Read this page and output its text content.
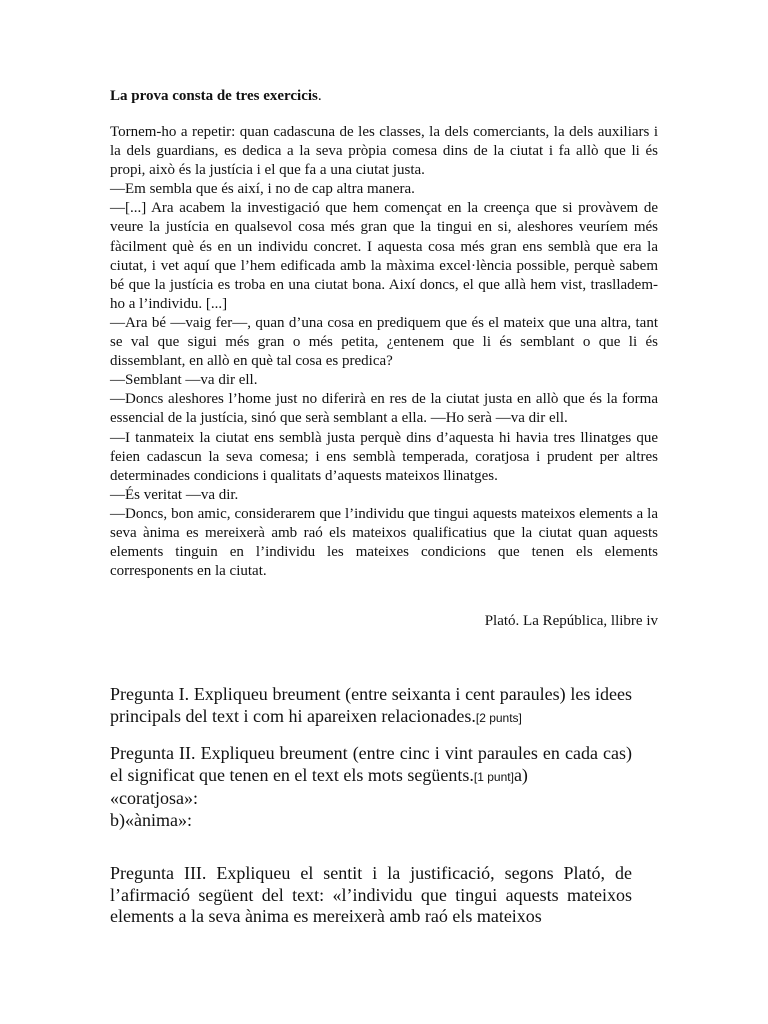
La prova consta de tres exercicis.

Tornem-ho a repetir: quan cadascuna de les classes, la dels comerciants, la dels auxiliars i la dels guardians, es dedica a la seva pròpia comesa dins de la ciutat i fa allò que li és propi, això és la justícia i el que fa a una ciutat justa.

—Em sembla que és així, i no de cap altra manera.

—[...] Ara acabem la investigació que hem començat en la creença que si provàvem de veure la justícia en qualsevol cosa més gran que la tingui en si, aleshores veuríem més fàcilment què és en un individu concret. I aquesta cosa més gran ens semblà que era la ciutat, i vet aquí que l’hem edificada amb la màxima excel·lència possible, perquè sabem bé que la justícia es troba en una ciutat bona. Així doncs, el que allà hem vist, traslladem-ho a l’individu. [...]

—Ara bé —vaig fer—, quan d’una cosa en prediquem que és el mateix que una altra, tant se val que sigui més gran o més petita, ¿entenem que li és semblant o que li és dissemblant, en allò en què tal cosa es predica?

—Semblant —va dir ell.

—Doncs aleshores l’home just no diferirà en res de la ciutat justa en allò que és la forma essencial de la justícia, sinó que serà semblant a ella. —Ho serà —va dir ell.

—I tanmateix la ciutat ens semblà justa perquè dins d’aquesta hi havia tres llinatges que feien cadascun la seva comesa; i ens semblà temperada, coratjosa i prudent per altres determinades condicions i qualitats d’aquests mateixos llinatges.

—És veritat —va dir.

—Doncs, bon amic, considerarem que l’individu que tingui aquests mateixos elements a la seva ànima es mereixerà amb raó els mateixos qualificatius que la ciutat quan aquests elements tinguin en l’individu les mateixes condicions que tenen els elements corresponents en la ciutat.

Plató. La República, llibre iv

Pregunta I. Expliqueu breument (entre seixanta i cent paraules) les idees principals del text i com hi apareixen relacionades.[2 punts]

Pregunta II. Expliqueu breument (entre cinc i vint paraules en cada cas) el significat que tenen en el text els mots següents.[1 punt]a)
«coratjosa»:
b)«ànima»:

Pregunta III. Expliqueu el sentit i la justificació, segons Plató, de l’afirmació següent del text: «l’individu que tingui aquests mateixos elements a la seva ànima es mereixerà amb raó els mateixos
